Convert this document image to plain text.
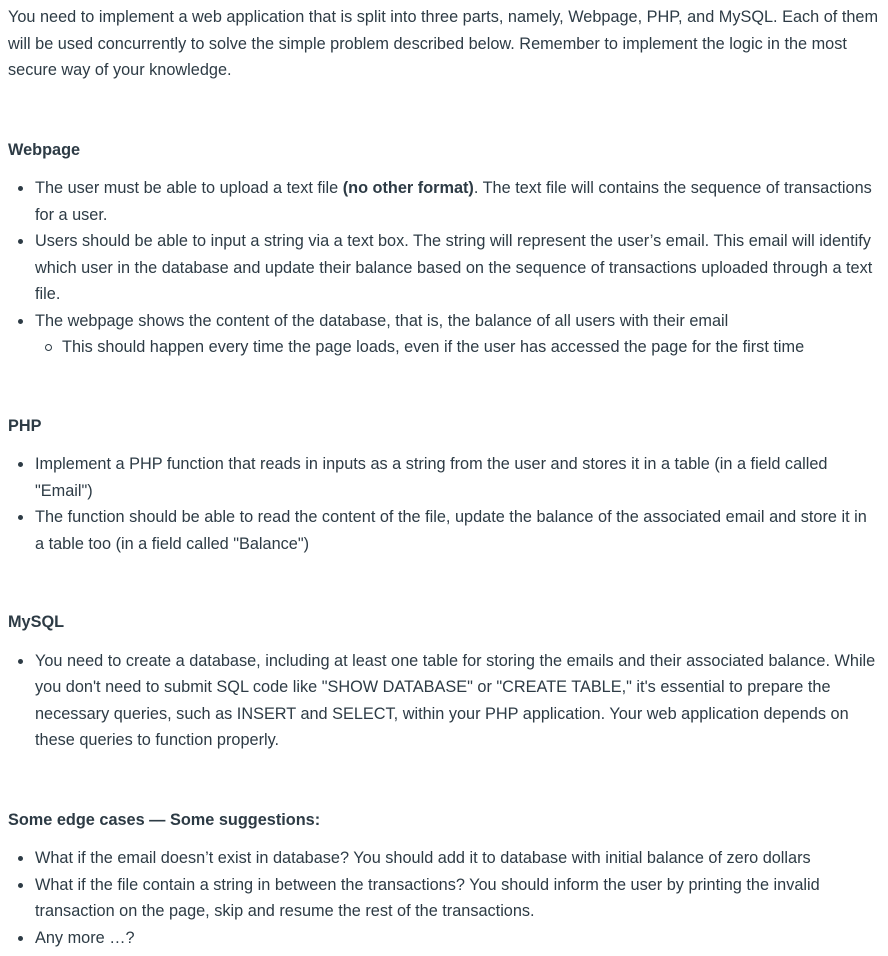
You need to implement a web application that is split into three parts, namely, Webpage, PHP, and MySQL. Each of them will be used concurrently to solve the simple problem described below. Remember to implement the logic in the most secure way of your knowledge.

Webpage
The user must be able to upload a text file (no other format). The text file will contains the sequence of transactions for a user.
Users should be able to input a string via a text box. The string will represent the user’s email. This email will identify which user in the database and update their balance based on the sequence of transactions uploaded through a text file.
The webpage shows the content of the database, that is, the balance of all users with their email
This should happen every time the page loads, even if the user has accessed the page for the first time
PHP
Implement a PHP function that reads in inputs as a string from the user and stores it in a table (in a field called "Email")
The function should be able to read the content of the file, update the balance of the associated email and store it in a table too (in a field called "Balance")
MySQL
You need to create a database, including at least one table for storing the emails and their associated balance. While you don't need to submit SQL code like "SHOW DATABASE" or "CREATE TABLE," it's essential to prepare the necessary queries, such as INSERT and SELECT, within your PHP application. Your web application depends on these queries to function properly.
Some edge cases — Some suggestions:
What if the email doesn’t exist in database? You should add it to database with initial balance of zero dollars
What if the file contain a string in between the transactions? You should inform the user by printing the invalid transaction on the page, skip and resume the rest of the transactions.
Any more …?
